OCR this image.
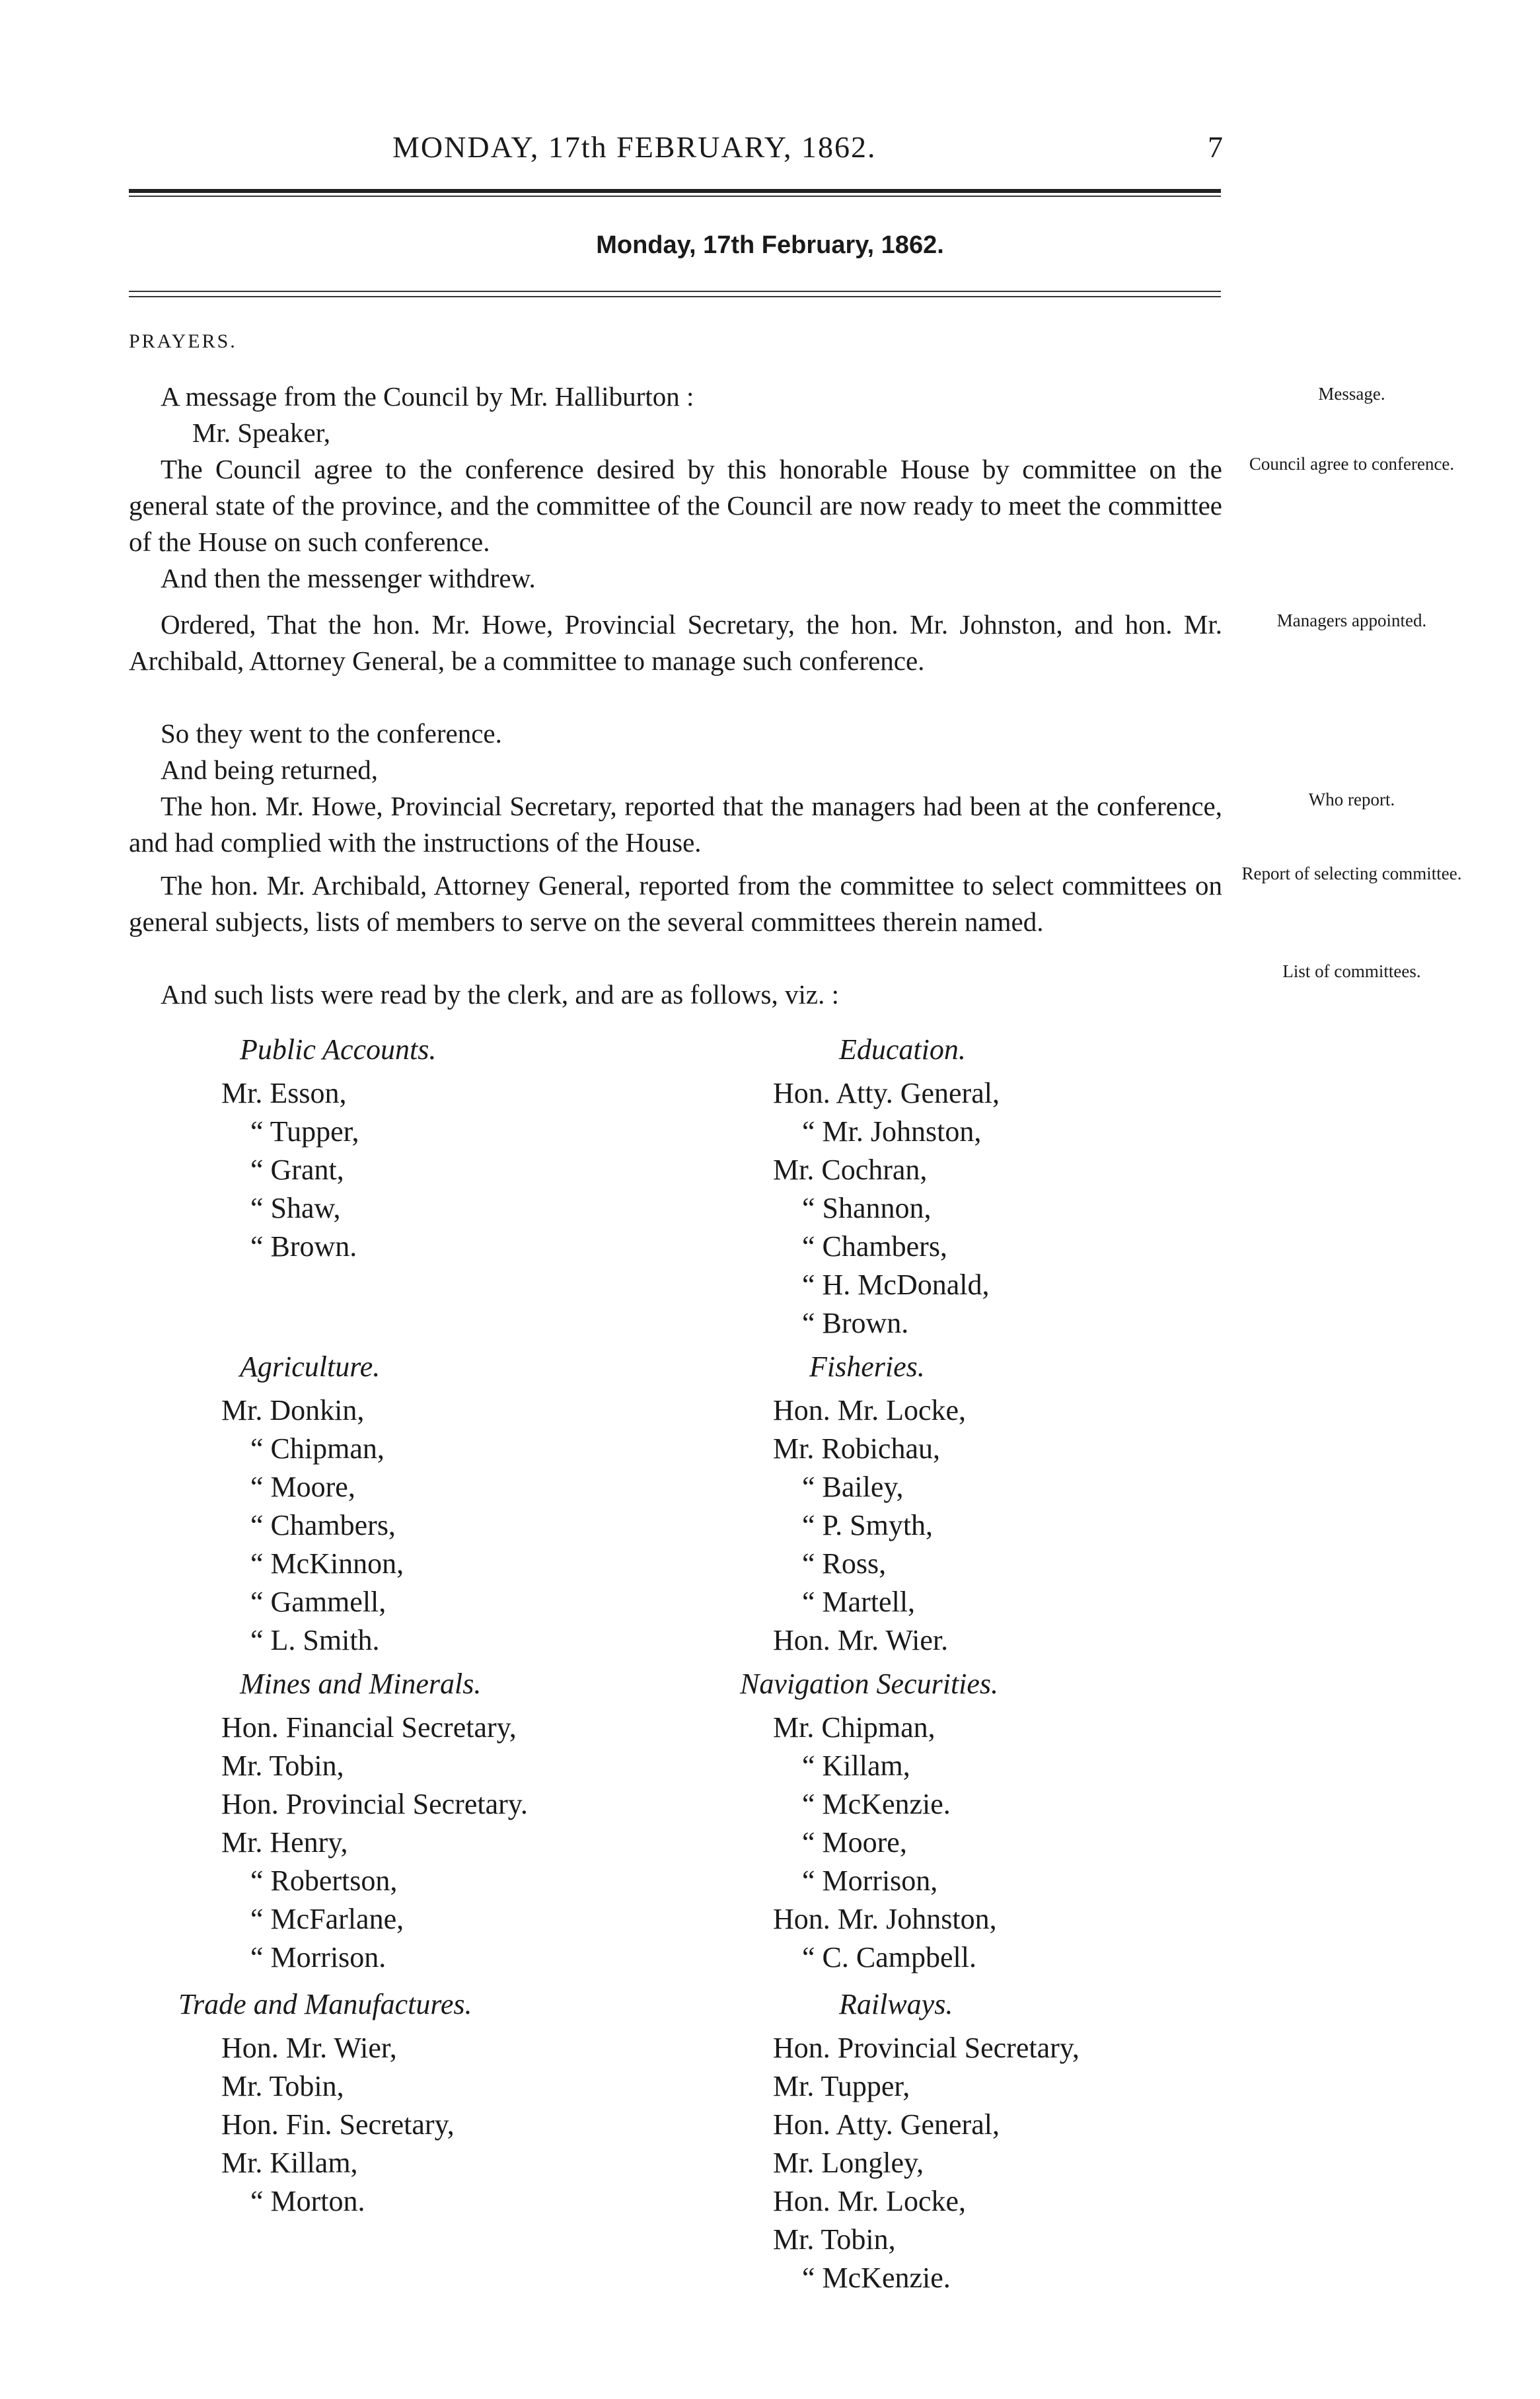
MONDAY, 17th FEBRUARY, 1862.	7
Monday, 17th February, 1862.
PRAYERS.
A message from the Council by Mr. Halliburton :
Mr. Speaker,
The Council agree to the conference desired by this honorable House by committee on the general state of the province, and the committee of the Council are now ready to meet the committee of the House on such conference.
And then the messenger withdrew.
Ordered, That the hon. Mr. Howe, Provincial Secretary, the hon. Mr. Johnston, and hon. Mr. Archibald, Attorney General, be a committee to manage such conference.
So they went to the conference.
And being returned,
The hon. Mr. Howe, Provincial Secretary, reported that the managers had been at the conference, and had complied with the instructions of the House.
The hon. Mr. Archibald, Attorney General, reported from the committee to select committees on general subjects, lists of members to serve on the several committees therein named.
And such lists were read by the clerk, and are as follows, viz. :
Message.
Council agree to conference.
Managers appointed.
Who report.
Report of selecting committee.
List of committees.
Public Accounts.
Mr. Esson,
“ Tupper,
“ Grant,
“ Shaw,
“ Brown.
Agriculture.
Mr. Donkin,
“ Chipman,
“ Moore,
“ Chambers,
“ McKinnon,
“ Gammell,
“ L. Smith.
Mines and Minerals.
Hon. Financial Secretary,
Mr. Tobin,
Hon. Provincial Secretary.
Mr. Henry,
“ Robertson,
“ McFarlane,
“ Morrison.
Trade and Manufactures.
Hon. Mr. Wier,
Mr. Tobin,
Hon. Fin. Secretary,
Mr. Killam,
“ Morton.
Education.
Hon. Atty. General,
“ Mr. Johnston,
Mr. Cochran,
“ Shannon,
“ Chambers,
“ H. McDonald,
“ Brown.
Fisheries.
Hon. Mr. Locke,
Mr. Robichau,
“ Bailey,
“ P. Smyth,
“ Ross,
“ Martell,
Hon. Mr. Wier.
Navigation Securities.
Mr. Chipman,
“ Killam,
“ McKenzie.
“ Moore,
“ Morrison,
Hon. Mr. Johnston,
“ C. Campbell.
Railways.
Hon. Provincial Secretary,
Mr. Tupper,
Hon. Atty. General,
Mr. Longley,
Hon. Mr. Locke,
Mr. Tobin,
“ McKenzie.
